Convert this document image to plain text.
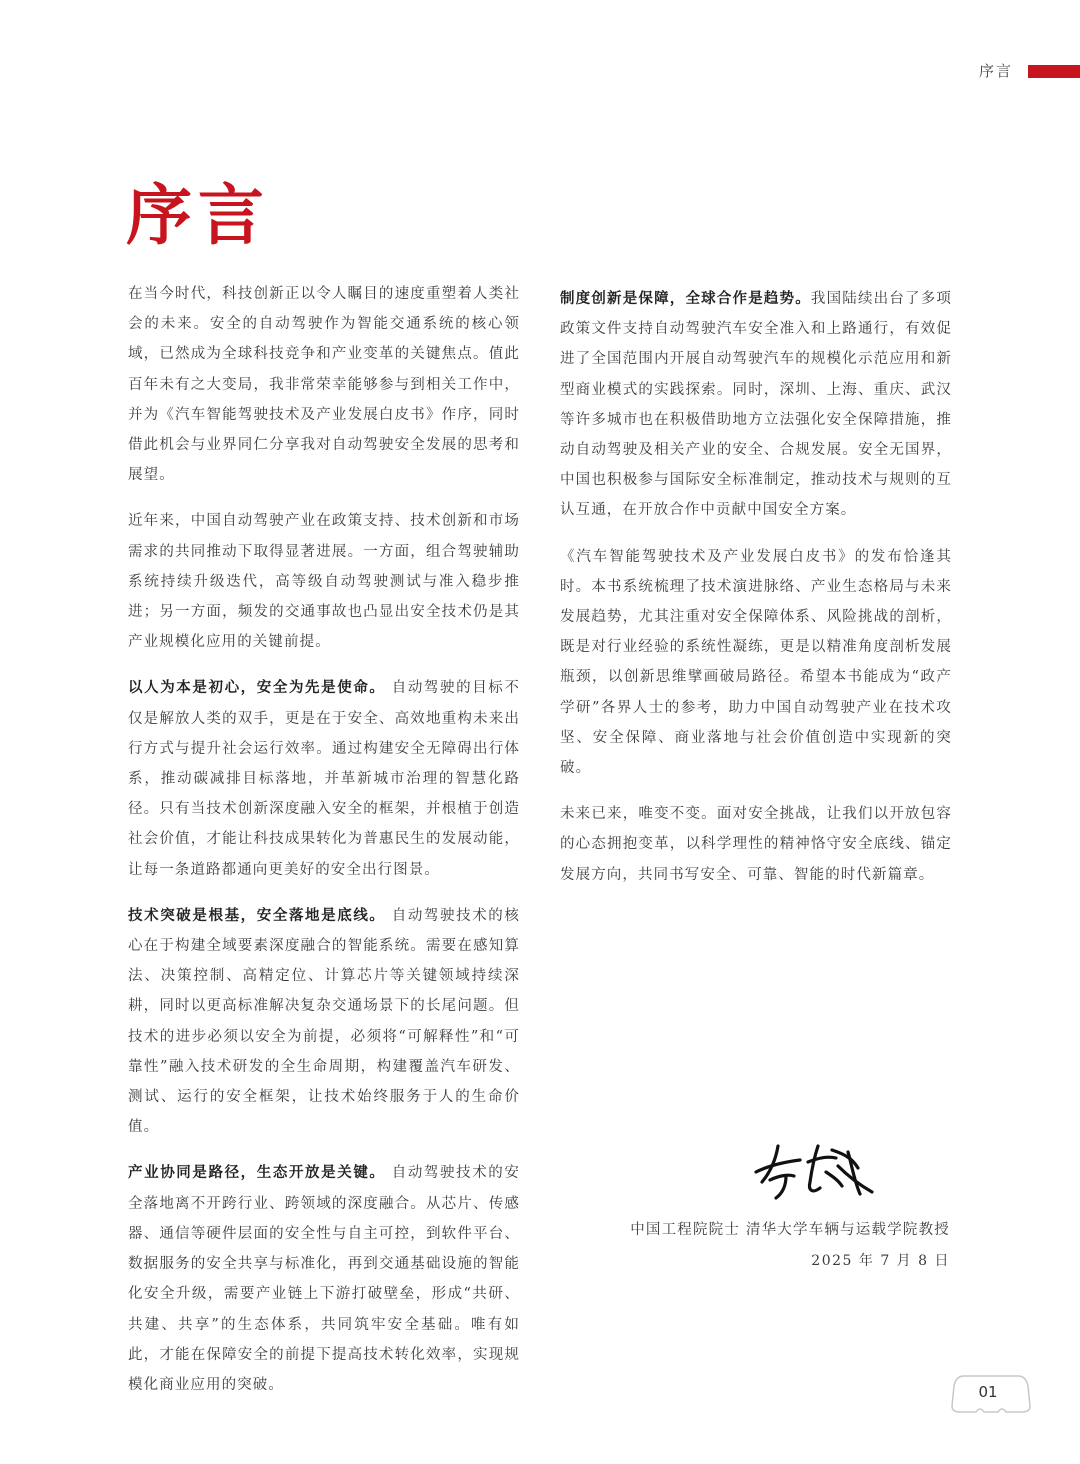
序言
序言

在当今时代，科技创新正以令人瞩目的速度重塑着人类社会的未来。安全的自动驾驶作为智能交通系统的核心领域，已然成为全球科技竞争和产业变革的关键焦点。值此百年未有之大变局，我非常荣幸能够参与到相关工作中，并为《汽车智能驾驶技术及产业发展白皮书》作序，同时借此机会与业界同仁分享我对自动驾驶安全发展的思考和展望。

近年来，中国自动驾驶产业在政策支持、技术创新和市场需求的共同推动下取得显著进展。一方面，组合驾驶辅助系统持续升级迭代，高等级自动驾驶测试与准入稳步推进；另一方面，频发的交通事故也凸显出安全技术仍是其产业规模化应用的关键前提。

以人为本是初心，安全为先是使命。 自动驾驶的目标不仅是解放人类的双手，更是在于安全、高效地重构未来出行方式与提升社会运行效率。通过构建安全无障碍出行体系，推动碳减排目标落地，并革新城市治理的智慧化路径。只有当技术创新深度融入安全的框架，并根植于创造社会价值，才能让科技成果转化为普惠民生的发展动能，让每一条道路都通向更美好的安全出行图景。

技术突破是根基，安全落地是底线。 自动驾驶技术的核心在于构建全域要素深度融合的智能系统。需要在感知算法、决策控制、高精定位、计算芯片等关键领域持续深耕，同时以更高标准解决复杂交通场景下的长尾问题。但技术的进步必须以安全为前提，必须将“可解释性”和“可靠性”融入技术研发的全生命周期，构建覆盖汽车研发、测试、运行的安全框架，让技术始终服务于人的生命价值。

产业协同是路径，生态开放是关键。 自动驾驶技术的安全落地离不开跨行业、跨领域的深度融合。从芯片、传感器、通信等硬件层面的安全性与自主可控，到软件平台、数据服务的安全共享与标准化，再到交通基础设施的智能化安全升级，需要产业链上下游打破壁垒，形成“共研、共建、共享”的生态体系，共同筑牢安全基础。唯有如此，才能在保障安全的前提下提高技术转化效率，实现规模化商业应用的突破。

制度创新是保障，全球合作是趋势。我国陆续出台了多项政策文件支持自动驾驶汽车安全准入和上路通行，有效促进了全国范围内开展自动驾驶汽车的规模化示范应用和新型商业模式的实践探索。同时，深圳、上海、重庆、武汉等许多城市也在积极借助地方立法强化安全保障措施，推动自动驾驶及相关产业的安全、合规发展。安全无国界，中国也积极参与国际安全标准制定，推动技术与规则的互认互通，在开放合作中贡献中国安全方案。

《汽车智能驾驶技术及产业发展白皮书》的发布恰逢其时。本书系统梳理了技术演进脉络、产业生态格局与未来发展趋势，尤其注重对安全保障体系、风险挑战的剖析，既是对行业经验的系统性凝练，更是以精准角度剖析发展瓶颈，以创新思维擘画破局路径。希望本书能成为“政产学研”各界人士的参考，助力中国自动驾驶产业在技术攻坚、安全保障、商业落地与社会价值创造中实现新的突破。

未来已来，唯变不变。面对安全挑战，让我们以开放包容的心态拥抱变革，以科学理性的精神恪守安全底线、锚定发展方向，共同书写安全、可靠、智能的时代新篇章。

中国工程院院士 清华大学车辆与运载学院教授
2025 年 7 月 8 日
01
